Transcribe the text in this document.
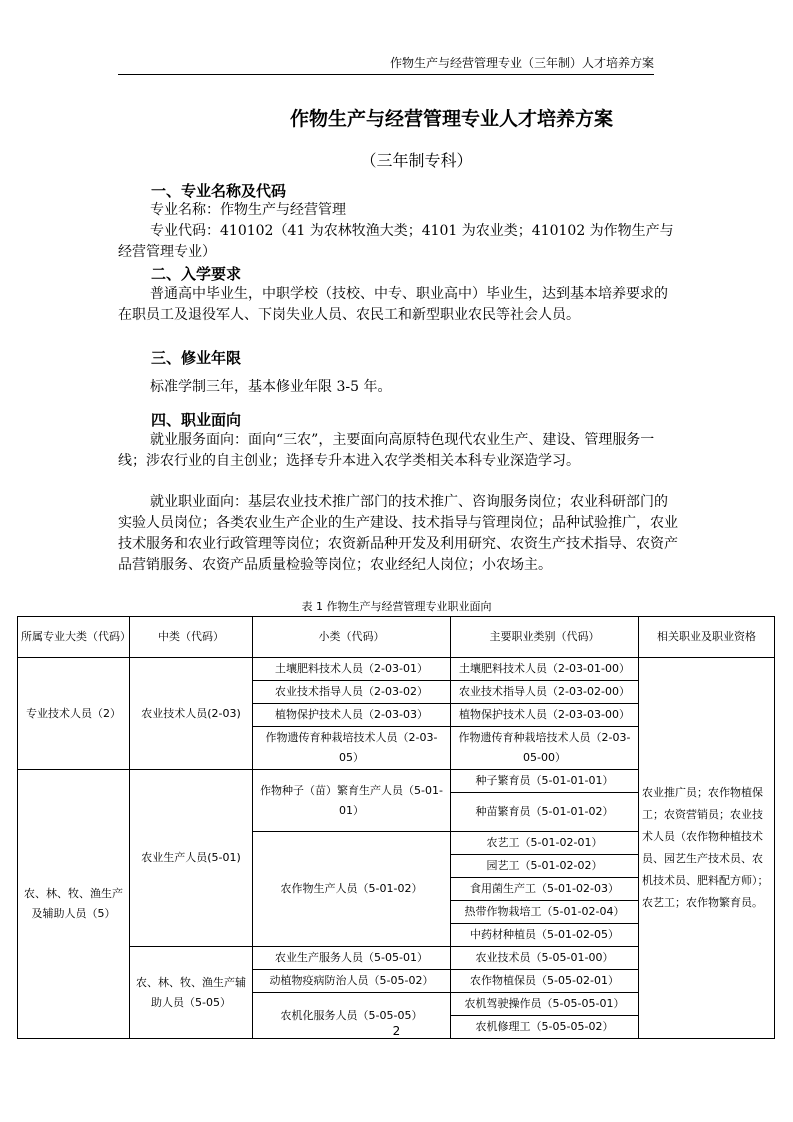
作物生产与经营管理专业（三年制）人才培养方案
作物生产与经营管理专业人才培养方案
（三年制专科）
一、专业名称及代码
专业名称：作物生产与经营管理
专业代码：410102（41 为农林牧渔大类；4101 为农业类；410102 为作物生产与经营管理专业）
二、入学要求
普通高中毕业生，中职学校（技校、中专、职业高中）毕业生，达到基本培养要求的在职员工及退役军人、下岗失业人员、农民工和新型职业农民等社会人员。
三、修业年限
标准学制三年，基本修业年限 3-5 年。
四、职业面向
就业服务面向：面向“三农”，主要面向高原特色现代农业生产、建设、管理服务一线；涉农行业的自主创业；选择专升本进入农学类相关本科专业深造学习。
就业职业面向：基层农业技术推广部门的技术推广、咨询服务岗位；农业科研部门的实验人员岗位；各类农业生产企业的生产建设、技术指导与管理岗位；品种试验推广，农业技术服务和农业行政管理等岗位；农资新品种开发及利用研究、农资生产技术指导、农资产品营销服务、农资产品质量检验等岗位；农业经纪人岗位；小农场主。
表 1 作物生产与经营管理专业职业面向
所属专业大类（代码）	中类（代码）	小类（代码）	主要职业类别（代码）	相关职业及职业资格
专业技术人员（2）	农业技术人员(2-03)	土壤肥料技术人员（2-03-01）	土壤肥料技术人员（2-03-01-00）	农业推广员；农作物植保工；农资营销员；农业技术人员（农作物种植技术员、园艺生产技术员、农机技术员、肥料配方师）；农艺工；农作物繁育员。
		农业技术指导人员（2-03-02）	农业技术指导人员（2-03-02-00）	
		植物保护技术人员（2-03-03）	植物保护技术人员（2-03-03-00）	
		作物遗传育种栽培技术人员（2-03-05）	作物遗传育种栽培技术人员（2-03-05-00）	
农、林、牧、渔生产及辅助人员（5）	农业生产人员(5-01)	作物种子（苗）繁育生产人员（5-01-01）	种子繁育员（5-01-01-01）	
			种苗繁育员（5-01-01-02）	
		农作物生产人员（5-01-02）	农艺工（5-01-02-01）	
			园艺工（5-01-02-02）	
			食用菌生产工（5-01-02-03）	
			热带作物栽培工（5-01-02-04）	
			中药材种植员（5-01-02-05）	
	农、林、牧、渔生产辅助人员（5-05）	农业生产服务人员（5-05-01）	农业技术员（5-05-01-00）	
		动植物疫病防治人员（5-05-02）	农作物植保员（5-05-02-01）	
		农机化服务人员（5-05-05）	农机驾驶操作员（5-05-05-01）	
			农机修理工（5-05-05-02）	
2
